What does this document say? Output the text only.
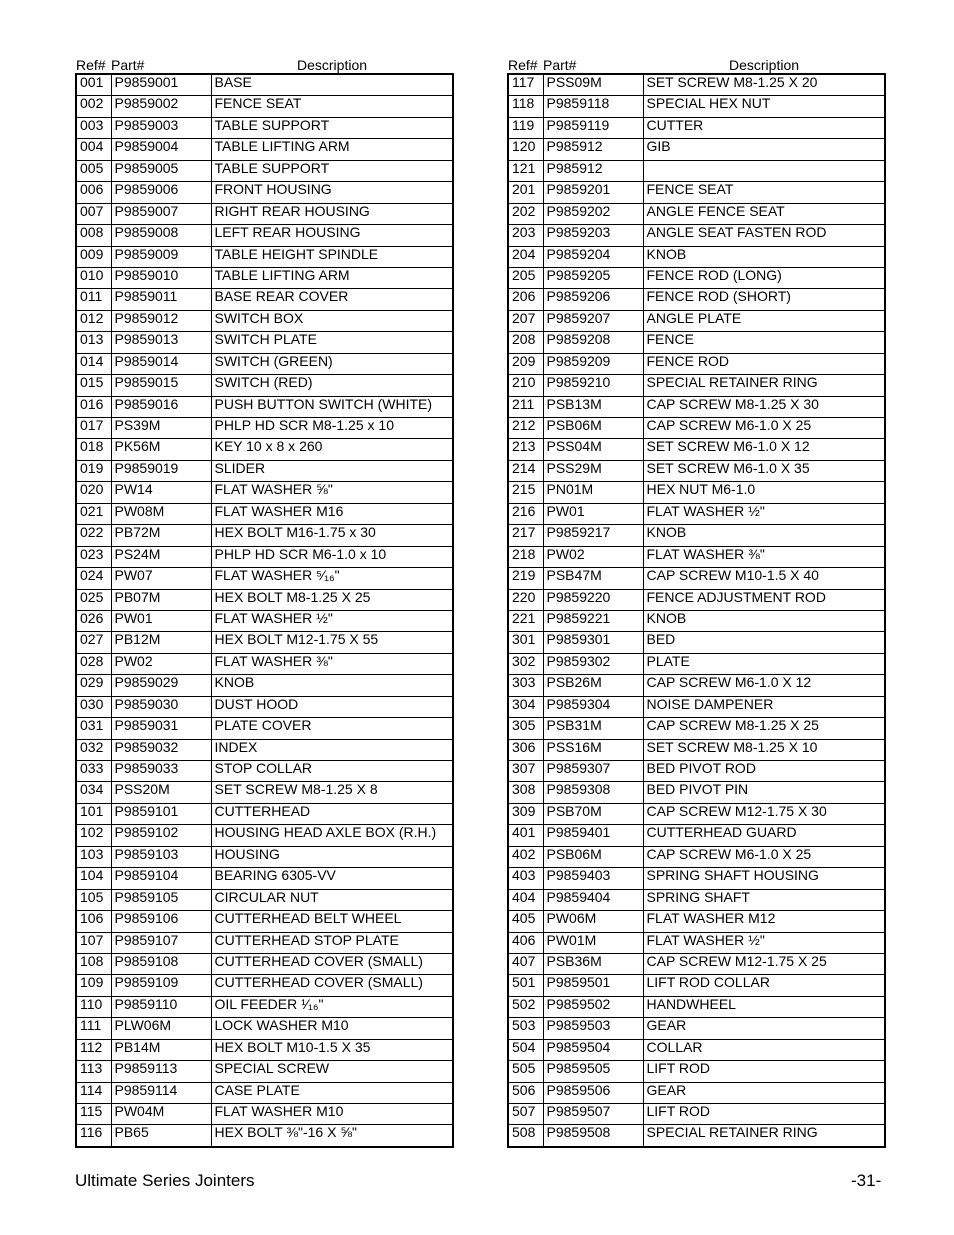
Ref#	Part#	Description
001	P9859001	BASE
002	P9859002	FENCE SEAT
003	P9859003	TABLE SUPPORT
004	P9859004	TABLE LIFTING ARM
005	P9859005	TABLE SUPPORT
006	P9859006	FRONT HOUSING
007	P9859007	RIGHT REAR HOUSING
008	P9859008	LEFT REAR HOUSING
009	P9859009	TABLE HEIGHT SPINDLE
010	P9859010	TABLE LIFTING ARM
011	P9859011	BASE REAR COVER
012	P9859012	SWITCH BOX
013	P9859013	SWITCH PLATE
014	P9859014	SWITCH (GREEN)
015	P9859015	SWITCH (RED)
016	P9859016	PUSH BUTTON SWITCH (WHITE)
017	PS39M	PHLP HD SCR M8-1.25 x 10
018	PK56M	KEY 10 x 8 x 260
019	P9859019	SLIDER
020	PW14	FLAT WASHER ⅝"
021	PW08M	FLAT WASHER M16
022	PB72M	HEX BOLT M16-1.75 x 30
023	PS24M	PHLP HD SCR M6-1.0 x 10
024	PW07	FLAT WASHER ⁵⁄₁₆"
025	PB07M	HEX BOLT M8-1.25 X 25
026	PW01	FLAT WASHER ½"
027	PB12M	HEX BOLT M12-1.75 X 55
028	PW02	FLAT WASHER ⅜"
029	P9859029	KNOB
030	P9859030	DUST HOOD
031	P9859031	PLATE COVER
032	P9859032	INDEX
033	P9859033	STOP COLLAR
034	PSS20M	SET SCREW M8-1.25 X 8
101	P9859101	CUTTERHEAD
102	P9859102	HOUSING HEAD AXLE BOX (R.H.)
103	P9859103	HOUSING
104	P9859104	BEARING 6305-VV
105	P9859105	CIRCULAR NUT
106	P9859106	CUTTERHEAD BELT WHEEL
107	P9859107	CUTTERHEAD STOP PLATE
108	P9859108	CUTTERHEAD COVER (SMALL)
109	P9859109	CUTTERHEAD COVER (SMALL)
110	P9859110	OIL FEEDER ¹⁄₁₆"
111	PLW06M	LOCK WASHER M10
112	PB14M	HEX BOLT M10-1.5 X 35
113	P9859113	SPECIAL SCREW
114	P9859114	CASE PLATE
115	PW04M	FLAT WASHER M10
116	PB65	HEX BOLT ⅜"-16 X ⅝"
Ref#	Part#	Description
117	PSS09M	SET SCREW M8-1.25 X 20
118	P9859118	SPECIAL HEX NUT
119	P9859119	CUTTER
120	P985912	GIB
121	P985912	
201	P9859201	FENCE SEAT
202	P9859202	ANGLE FENCE SEAT
203	P9859203	ANGLE SEAT FASTEN ROD
204	P9859204	KNOB
205	P9859205	FENCE ROD (LONG)
206	P9859206	FENCE ROD (SHORT)
207	P9859207	ANGLE PLATE
208	P9859208	FENCE
209	P9859209	FENCE ROD
210	P9859210	SPECIAL RETAINER RING
211	PSB13M	CAP SCREW M8-1.25 X 30
212	PSB06M	CAP SCREW M6-1.0 X 25
213	PSS04M	SET SCREW M6-1.0 X 12
214	PSS29M	SET SCREW M6-1.0 X 35
215	PN01M	HEX NUT M6-1.0
216	PW01	FLAT WASHER ½"
217	P9859217	KNOB
218	PW02	FLAT WASHER ⅜"
219	PSB47M	CAP SCREW M10-1.5 X 40
220	P9859220	FENCE ADJUSTMENT ROD
221	P9859221	KNOB
301	P9859301	BED
302	P9859302	PLATE
303	PSB26M	CAP SCREW M6-1.0 X 12
304	P9859304	NOISE DAMPENER
305	PSB31M	CAP SCREW M8-1.25 X 25
306	PSS16M	SET SCREW M8-1.25 X 10
307	P9859307	BED PIVOT ROD
308	P9859308	BED PIVOT PIN
309	PSB70M	CAP SCREW M12-1.75 X 30
401	P9859401	CUTTERHEAD GUARD
402	PSB06M	CAP SCREW M6-1.0 X 25
403	P9859403	SPRING SHAFT HOUSING
404	P9859404	SPRING SHAFT
405	PW06M	FLAT WASHER M12
406	PW01M	FLAT WASHER ½"
407	PSB36M	CAP SCREW M12-1.75 X 25
501	P9859501	LIFT ROD COLLAR
502	P9859502	HANDWHEEL
503	P9859503	GEAR
504	P9859504	COLLAR
505	P9859505	LIFT ROD
506	P9859506	GEAR
507	P9859507	LIFT ROD
508	P9859508	SPECIAL RETAINER RING
Ultimate Series Jointers	-31-
